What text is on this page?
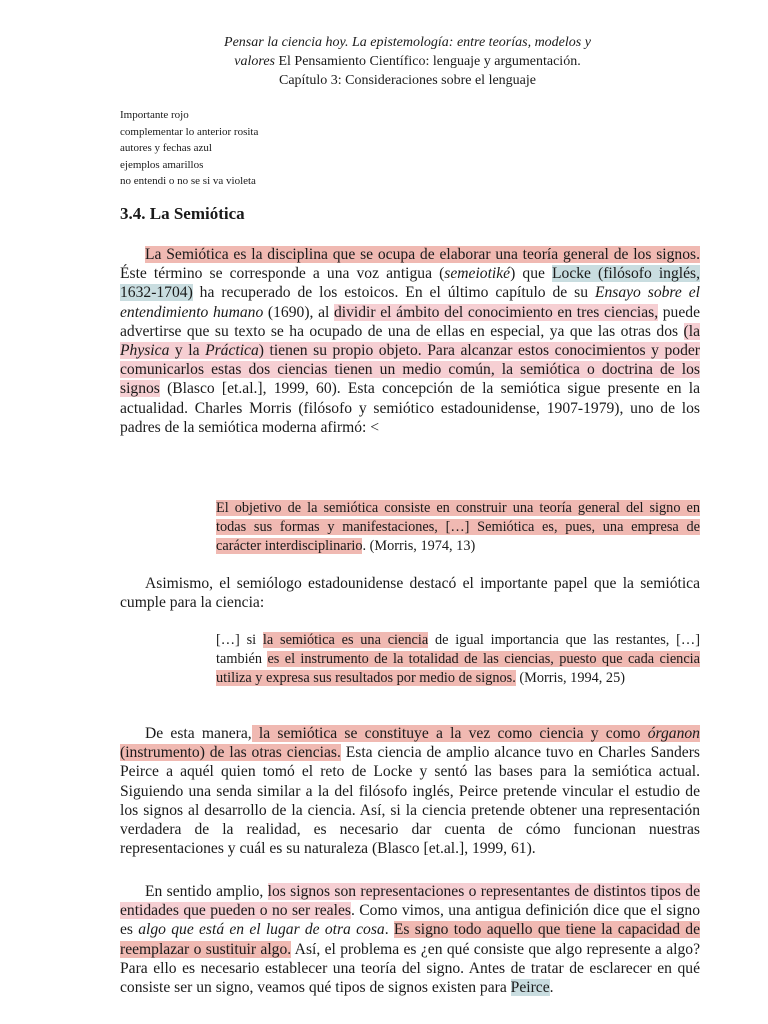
Pensar la ciencia hoy. La epistemología: entre teorías, modelos y
valores El Pensamiento Científico: lenguaje y argumentación.
Capítulo 3: Consideraciones sobre el lenguaje
Importante rojo
complementar lo anterior rosita
autores y fechas azul
ejemplos amarillos
no entendi o no se si va violeta
3.4. La Semiótica

La Semiótica es la disciplina que se ocupa de elaborar una teoría general de los signos. Éste término se corresponde a una voz antigua (semeiotiké) que Locke (filósofo inglés, 1632-1704) ha recuperado de los estoicos. En el último capítulo de su Ensayo sobre el entendimiento humano (1690), al dividir el ámbito del conocimiento en tres ciencias, puede advertirse que su texto se ha ocupado de una de ellas en especial, ya que las otras dos (la Physica y la Práctica) tienen su propio objeto. Para alcanzar estos conocimientos y poder comunicarlos estas dos ciencias tienen un medio común, la semiótica o doctrina de los signos (Blasco [et.al.], 1999, 60). Esta concepción de la semiótica sigue presente en la actualidad. Charles Morris (filósofo y semiótico estadounidense, 1907-1979), uno de los padres de la semiótica moderna afirmó: <

El objetivo de la semiótica consiste en construir una teoría general del signo en todas sus formas y manifestaciones, […] Semiótica es, pues, una empresa de carácter interdisciplinario. (Morris, 1974, 13)

Asimismo, el semiólogo estadounidense destacó el importante papel que la semiótica cumple para la ciencia:

[…] si la semiótica es una ciencia de igual importancia que las restantes, […] también es el instrumento de la totalidad de las ciencias, puesto que cada ciencia utiliza y expresa sus resultados por medio de signos. (Morris, 1994, 25)

De esta manera, la semiótica se constituye a la vez como ciencia y como órganon (instrumento) de las otras ciencias. Esta ciencia de amplio alcance tuvo en Charles Sanders Peirce a aquél quien tomó el reto de Locke y sentó las bases para la semiótica actual. Siguiendo una senda similar a la del filósofo inglés, Peirce pretende vincular el estudio de los signos al desarrollo de la ciencia. Así, si la ciencia pretende obtener una representación verdadera de la realidad, es necesario dar cuenta de cómo funcionan nuestras representaciones y cuál es su naturaleza (Blasco [et.al.], 1999, 61).

En sentido amplio, los signos son representaciones o representantes de distintos tipos de entidades que pueden o no ser reales. Como vimos, una antigua definición dice que el signo es algo que está en el lugar de otra cosa. Es signo todo aquello que tiene la capacidad de reemplazar o sustituir algo. Así, el problema es ¿en qué consiste que algo represente a algo? Para ello es necesario establecer una teoría del signo. Antes de tratar de esclarecer en qué consiste ser un signo, veamos qué tipos de signos existen para Peirce.
